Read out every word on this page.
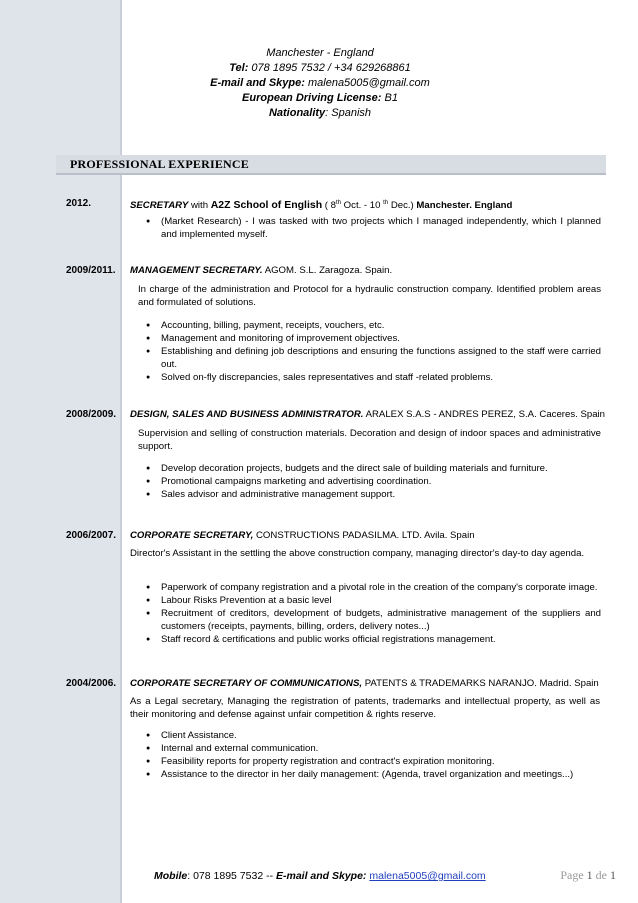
Manchester - England
Tel: 078 1895 7532 / +34 629268861
E-mail and Skype: malena5005@gmail.com
European Driving License: B1
Nationality: Spanish
PROFESSIONAL EXPERIENCE
2012.	SECRETARY with A2Z School of English ( 8th Oct. - 10 $^{th}$ Dec.) Manchester. England
● (Market Research) - I was tasked with two projects which I managed independently, which I planned and implemented myself.
2009/2011.	MANAGEMENT SECRETARY. AGOM. S.L. Zaragoza. Spain.
In charge of the administration and Protocol for a hydraulic construction company. Identified problem areas and formulated of solutions.
● Accounting, billing, payment, receipts, vouchers, etc.
● Management and monitoring of improvement objectives.
● Establishing and defining job descriptions and ensuring the functions assigned to the staff were carried out.
● Solved on-fly discrepancies, sales representatives and staff -related problems.
2008/2009.	DESIGN, SALES AND BUSINESS ADMINISTRATOR. ARALEX S.A.S - ANDRES PEREZ, S.A. Caceres. Spain
Supervision and selling of construction materials. Decoration and design of indoor spaces and administrative support.
● Develop decoration projects, budgets and the direct sale of building materials and furniture.
● Promotional campaigns marketing and advertising coordination.
● Sales advisor and administrative management support.
2006/2007.	CORPORATE SECRETARY, CONSTRUCTIONS PADASILMA. LTD. Avila. Spain
Director's Assistant in the settling the above construction company, managing director's day-to day agenda.
● Paperwork of company registration and a pivotal role in the creation of the company's corporate image.
● Labour Risks Prevention at a basic level
● Recruitment of creditors, development of budgets, administrative management of the suppliers and customers (receipts, payments, billing, orders, delivery notes...)
● Staff record & certifications and public works official registrations management.
2004/2006.	CORPORATE SECRETARY OF COMMUNICATIONS, PATENTS & TRADEMARKS NARANJO. Madrid. Spain
As a Legal secretary, Managing the registration of patents, trademarks and intellectual property, as well as their monitoring and defense against unfair competition & rights reserve.
● Client Assistance.
● Internal and external communication.
● Feasibility reports for property registration and contract's expiration monitoring.
● Assistance to the director in her daily management: (Agenda, travel organization and meetings...)
Mobile: 078 1895 7532 -- E-mail and Skype: malena5005@gmail.com	Page 1 de 1
